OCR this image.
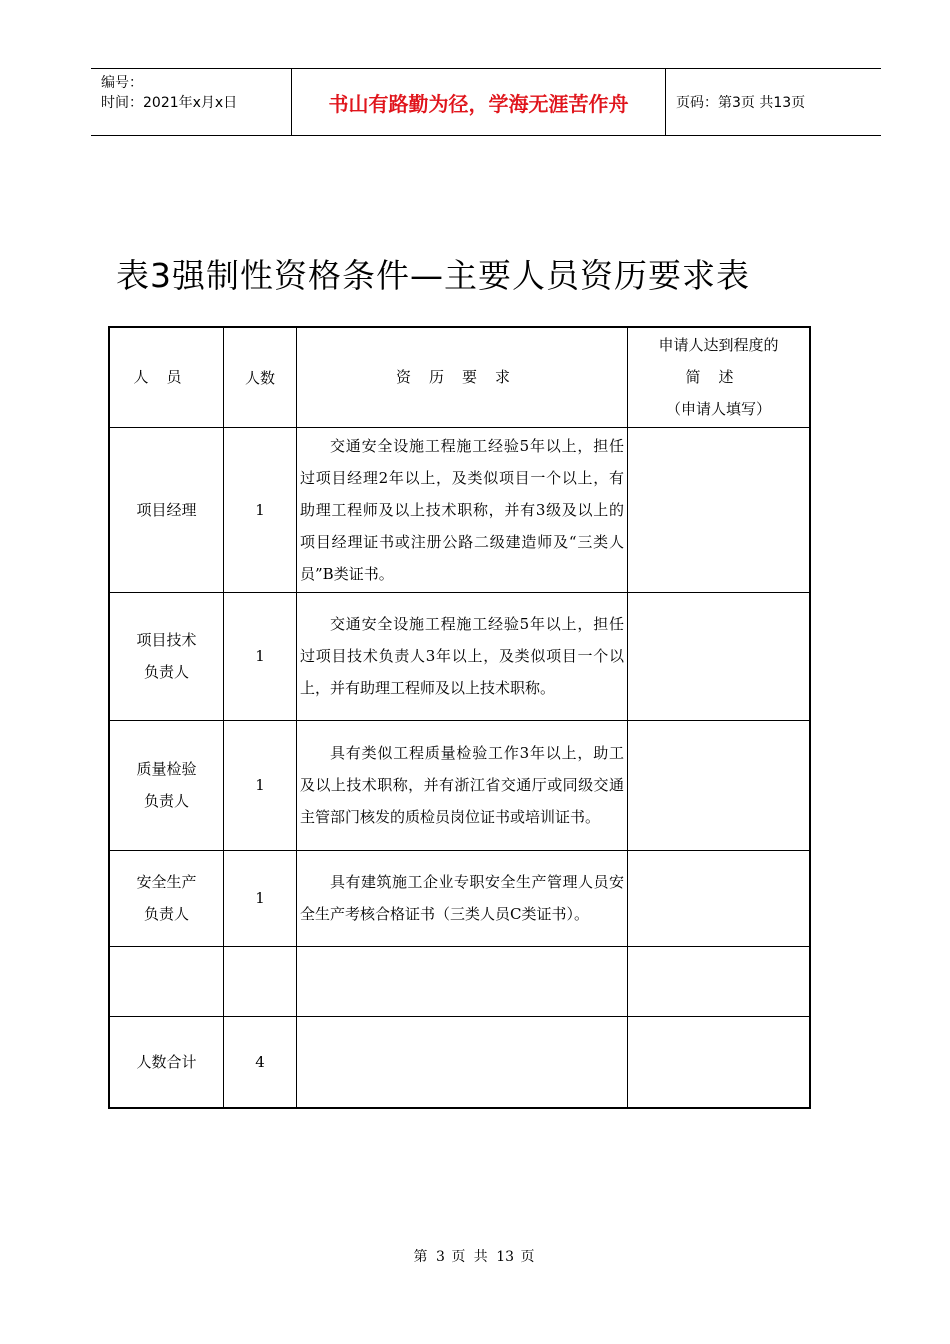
编号：
时间：2021年x月x日	书山有路勤为径，学海无涯苦作舟	页码：第3页 共13页
表3强制性资格条件—主要人员资历要求表
人员	人数	资历要求	申请人达到程度的
简述
（申请人填写）

项目经理	1	交通安全设施工程施工经验5年以上，担任过项目经理2年以上，及类似项目一个以上，有助理工程师及以上技术职称，并有3级及以上的项目经理证书或注册公路二级建造师及“三类人员”B类证书。	

项目技术
负责人	1	交通安全设施工程施工经验5年以上，担任过项目技术负责人3年以上，及类似项目一个以上，并有助理工程师及以上技术职称。	

质量检验
负责人	1	具有类似工程质量检验工作3年以上，助工及以上技术职称，并有浙江省交通厅或同级交通主管部门核发的质检员岗位证书或培训证书。	

安全生产
负责人	1	具有建筑施工企业专职安全生产管理人员安全生产考核合格证书（三类人员C类证书）。	

人数合计	4		
第 3 页 共 13 页
